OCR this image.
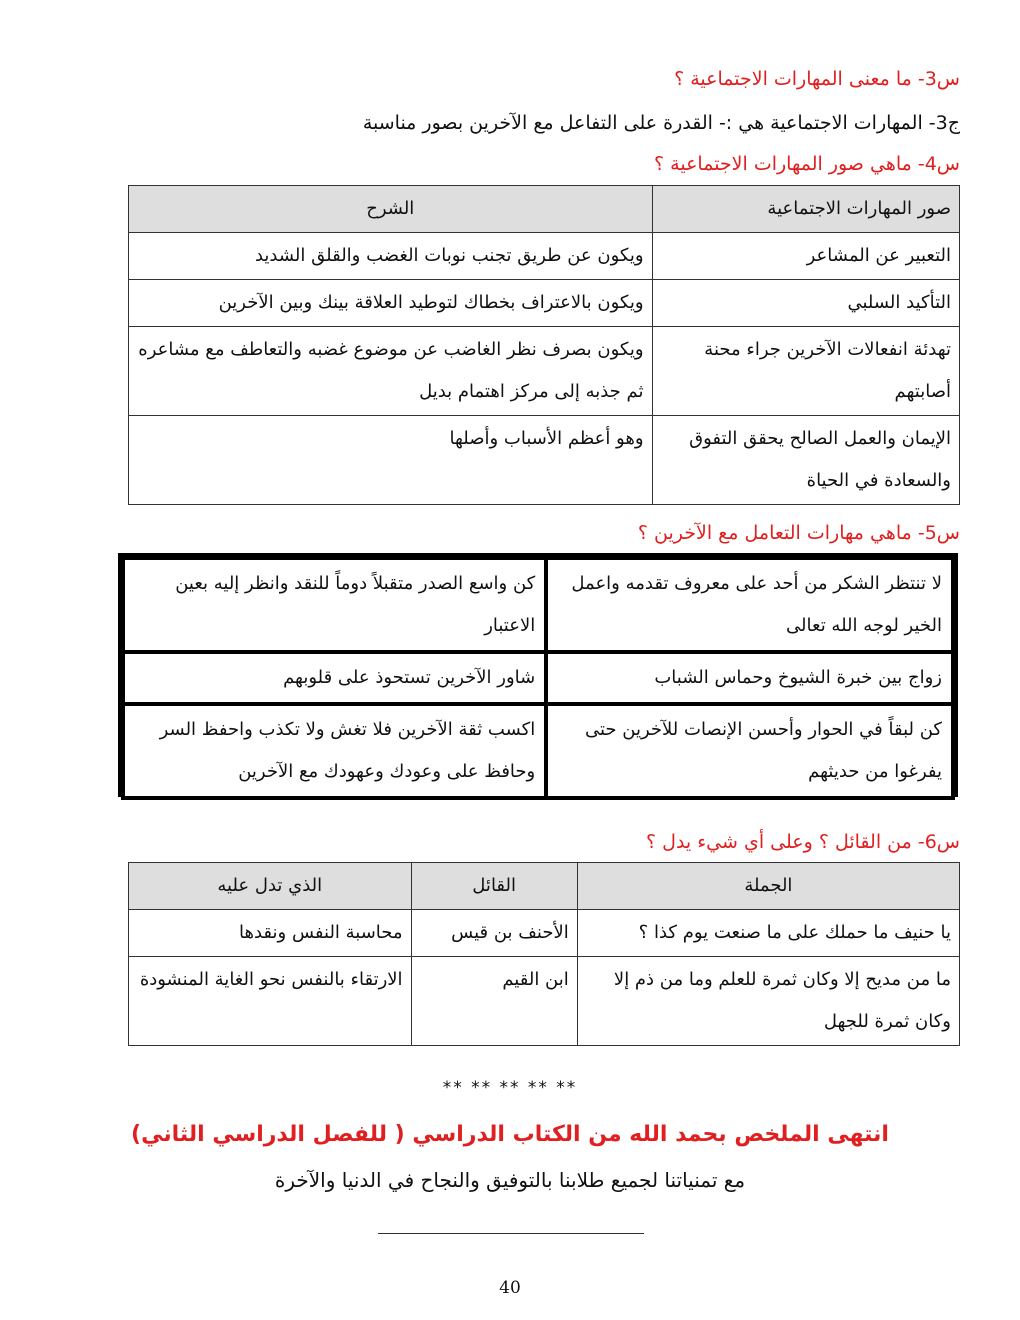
س3- ما معنى المهارات الاجتماعية ؟
ج3- المهارات الاجتماعية هي :- القدرة على التفاعل مع الآخرين بصور مناسبة
س4- ماهي صور المهارات الاجتماعية ؟
صور المهارات الاجتماعية	الشرح
التعبير عن المشاعر	ويكون عن طريق تجنب نوبات الغضب والقلق الشديد
التأكيد السلبي	ويكون بالاعتراف بخطاك لتوطيد العلاقة بينك وبين الآخرين
تهدئة انفعالات الآخرين جراء محنة أصابتهم	ويكون بصرف نظر الغاضب عن موضوع غضبه والتعاطف مع مشاعره ثم جذبه إلى مركز اهتمام بديل
الإيمان والعمل الصالح يحقق التفوق والسعادة في الحياة	وهو أعظم الأسباب وأصلها
س5- ماهي مهارات التعامل مع الآخرين ؟
لا تنتظر الشكر من أحد على معروف تقدمه واعمل الخير لوجه الله تعالى	كن واسع الصدر متقبلاً دوماً للنقد وانظر إليه بعين الاعتبار
زواج بين خبرة الشيوخ وحماس الشباب	شاور الآخرين تستحوذ على قلوبهم
كن لبقاً في الحوار وأحسن الإنصات للآخرين حتى يفرغوا من حديثهم	اكسب ثقة الآخرين فلا تغش ولا تكذب واحفظ السر وحافظ على وعودك وعهودك مع الآخرين
س6- من القائل ؟ وعلى أي شيء يدل ؟
الجملة	القائل	الذي تدل عليه
يا حنيف ما حملك على ما صنعت يوم كذا ؟	الأحنف بن قيس	محاسبة النفس ونقدها
ما من مديح إلا وكان ثمرة للعلم وما من ذم إلا وكان ثمرة للجهل	ابن القيم	الارتقاء بالنفس نحو الغاية المنشودة
** ** ** ** **
انتهى الملخص بحمد الله من الكتاب الدراسي ( للفصل الدراسي الثاني)
مع تمنياتنا لجميع طلابنا بالتوفيق والنجاح في الدنيا والآخرة
40
